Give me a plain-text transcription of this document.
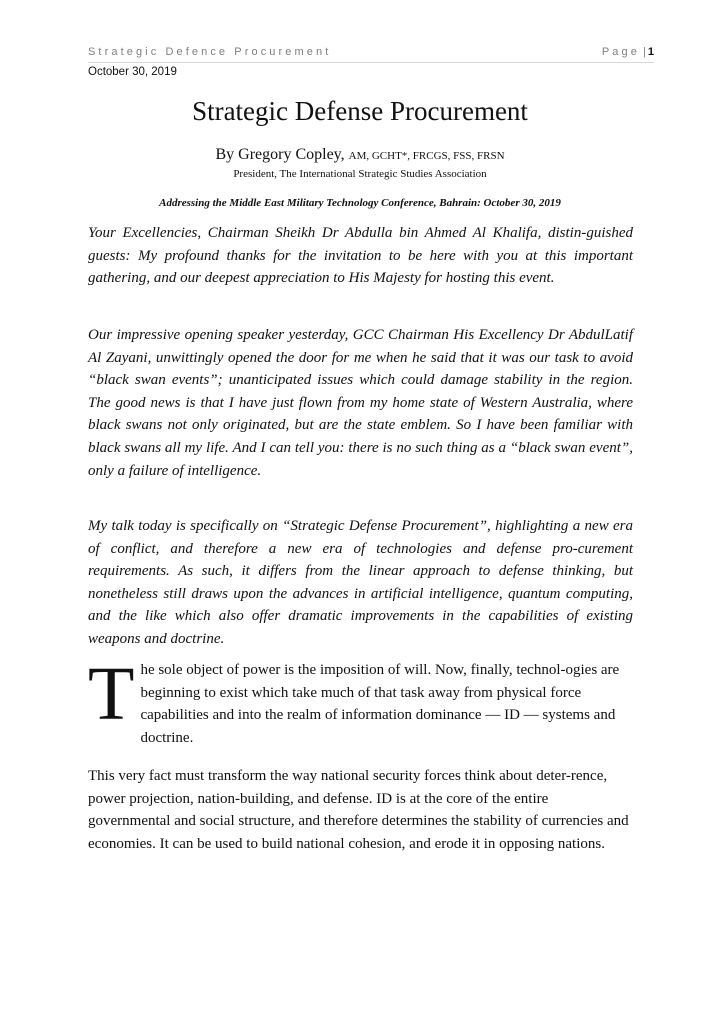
Strategic Defence Procurement	Page | 1
October 30, 2019
Strategic Defense Procurement
By Gregory Copley, AM, GCHT*, FRCGS, FSS, FRSN
President, The International Strategic Studies Association
Addressing the Middle East Military Technology Conference, Bahrain: October 30, 2019

Your Excellencies, Chairman Sheikh Dr Abdulla bin Ahmed Al Khalifa, distin-guished guests: My profound thanks for the invitation to be here with you at this important gathering, and our deepest appreciation to His Majesty for hosting this event.

Our impressive opening speaker yesterday, GCC Chairman His Excellency Dr AbdulLatif Al Zayani, unwittingly opened the door for me when he said that it was our task to avoid “black swan events”; unanticipated issues which could damage stability in the region. The good news is that I have just flown from my home state of Western Australia, where black swans not only originated, but are the state emblem. So I have been familiar with black swans all my life. And I can tell you: there is no such thing as a “black swan event”, only a failure of intelligence.

My talk today is specifically on “Strategic Defense Procurement”, highlighting a new era of conflict, and therefore a new era of technologies and defense pro-curement requirements. As such, it differs from the linear approach to defense thinking, but nonetheless still draws upon the advances in artificial intelligence, quantum computing, and the like which also offer dramatic improvements in the capabilities of existing weapons and doctrine.

The sole object of power is the imposition of will. Now, finally, technol-ogies are beginning to exist which take much of that task away from physical force capabilities and into the realm of information dominance — ID — systems and doctrine.

This very fact must transform the way national security forces think about deter-rence, power projection, nation-building, and defense. ID is at the core of the entire governmental and social structure, and therefore determines the stability of currencies and economies. It can be used to build national cohesion, and erode it in opposing nations.
